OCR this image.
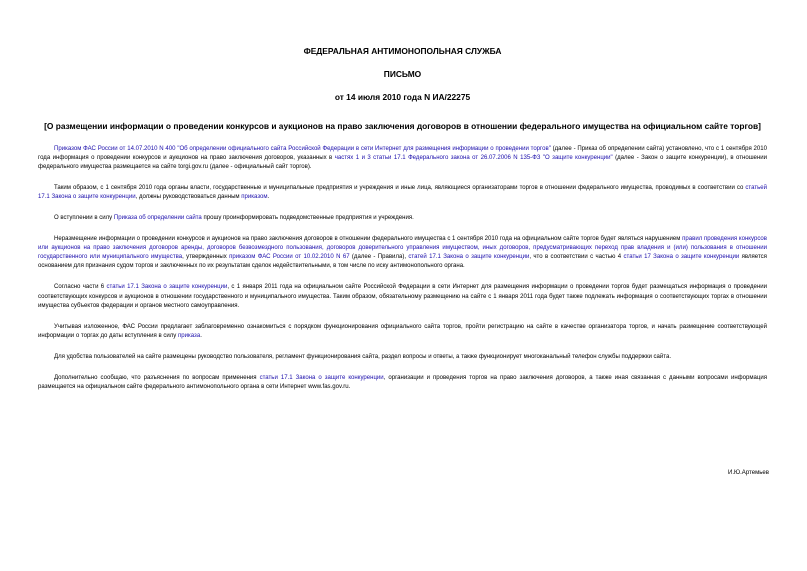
ФЕДЕРАЛЬНАЯ АНТИМОНОПОЛЬНАЯ СЛУЖБА

ПИСЬМО

от 14 июля 2010 года N ИА/22275

[О размещении информации о проведении конкурсов и аукционов на право заключения договоров в отношении федерального имущества на официальном сайте торгов]

Приказом ФАС России от 14.07.2010 N 400 "Об определении официального сайта Российской Федерации в сети Интернет для размещения информации о проведении торгов" (далее - Приказ об определении сайта) установлено, что с 1 сентября 2010 года информация о проведении конкурсов и аукционов на право заключения договоров, указанных в частях 1 и 3 статьи 17.1 Федерального закона от 26.07.2006 N 135-ФЗ "О защите конкуренции" (далее - Закон о защите конкуренции), в отношении федерального имущества размещается на сайте torgi.gov.ru (далее - официальный сайт торгов).

Таким образом, с 1 сентября 2010 года органы власти, государственные и муниципальные предприятия и учреждения и иные лица, являющиеся организаторами торгов в отношении федерального имущества, проводимых в соответствии со статьей 17.1 Закона о защите конкуренции, должны руководствоваться данным приказом.

О вступлении в силу Приказа об определении сайта прошу проинформировать подведомственные предприятия и учреждения.

Неразмещение информации о проведении конкурсов и аукционов на право заключения договоров в отношении федерального имущества с 1 сентября 2010 года на официальном сайте торгов будет являться нарушением правил проведения конкурсов или аукционов на право заключения договоров аренды, договоров безвозмездного пользования, договоров доверительного управления имуществом, иных договоров, предусматривающих переход прав владения и (или) пользования в отношении государственного или муниципального имущества, утвержденных приказом ФАС России от 10.02.2010 N 67 (далее - Правила), статей 17.1 Закона о защите конкуренции, что в соответствии с частью 4 статьи 17 Закона о защите конкуренции является основанием для признания судом торгов и заключенных по их результатам сделок недействительными, в том числе по иску антимонопольного органа.

Согласно части 6 статьи 17.1 Закона о защите конкуренции, с 1 января 2011 года на официальном сайте Российской Федерации в сети Интернет для размещения информации о проведении торгов будет размещаться информация о проведении соответствующих конкурсов и аукционов в отношении государственного и муниципального имущества. Таким образом, обязательному размещению на сайте с 1 января 2011 года будет также подлежать информация о соответствующих торгах в отношении имущества субъектов федерации и органов местного самоуправления.

Учитывая изложенное, ФАС России предлагает заблаговременно ознакомиться с порядком функционирования официального сайта торгов, пройти регистрацию на сайте в качестве организатора торгов, и начать размещение соответствующей информации о торгах до даты вступления в силу приказа.

Для удобства пользователей на сайте размещены руководство пользователя, регламент функционирования сайта, раздел вопросы и ответы, а также функционирует многоканальный телефон службы поддержки сайта.

Дополнительно сообщаю, что разъяснения по вопросам применения статьи 17.1 Закона о защите конкуренции, организации и проведения торгов на право заключения договоров, а также иная связанная с данными вопросами информация размещается на официальном сайте федерального антимонопольного органа в сети Интернет www.fas.gov.ru.

И.Ю.Артемьев
